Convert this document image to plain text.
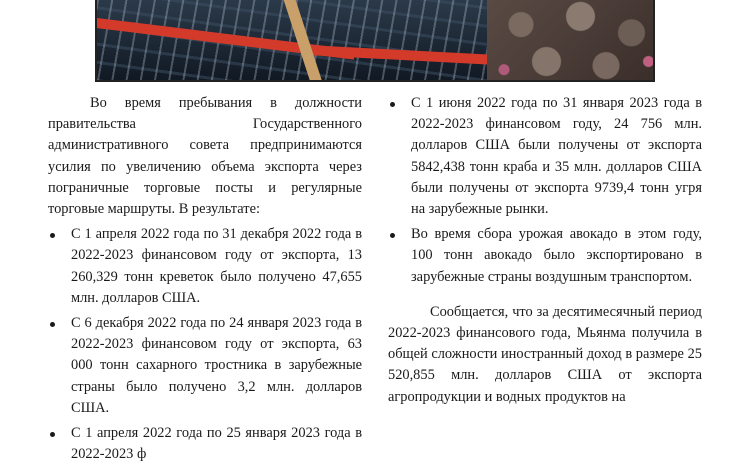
Во время пребывания в должности правительства Государственного административного совета предпринимаются усилия по увеличению объема экспорта через пограничные торговые посты и регулярные торговые маршруты. В результате:

С 1 апреля 2022 года по 31 декабря 2022 года в 2022-2023 финансовом году от экспорта, 13 260,329 тонн креветок было получено 47,655 млн. долларов США.
С 6 декабря 2022 года по 24 января 2023 года в 2022-2023 финансовом году от экспорта, 63 000 тонн сахарного тростника в зарубежные страны было получено 3,2 млн. долларов США.
С 1 апреля 2022 года по 25 января 2023 года в 2022-2023 ф
С 1 июня 2022 года по 31 января 2023 года в 2022-2023 финансовом году, 24 756 млн. долларов США были получены от экспорта 5842,438 тонн краба и 35 млн. долларов США были получены от экспорта 9739,4 тонн угря на зарубежные рынки.
Во время сбора урожая авокадо в этом году, 100 тонн авокадо было экспортировано в зарубежные страны воздушным транспортом.

Сообщается, что за десятимесячный период 2022-2023 финансового года, Мьянма получила в общей сложности иностранный доход в размере 25 520,855 млн. долларов США от экспорта агропродукции и водных продуктов на
